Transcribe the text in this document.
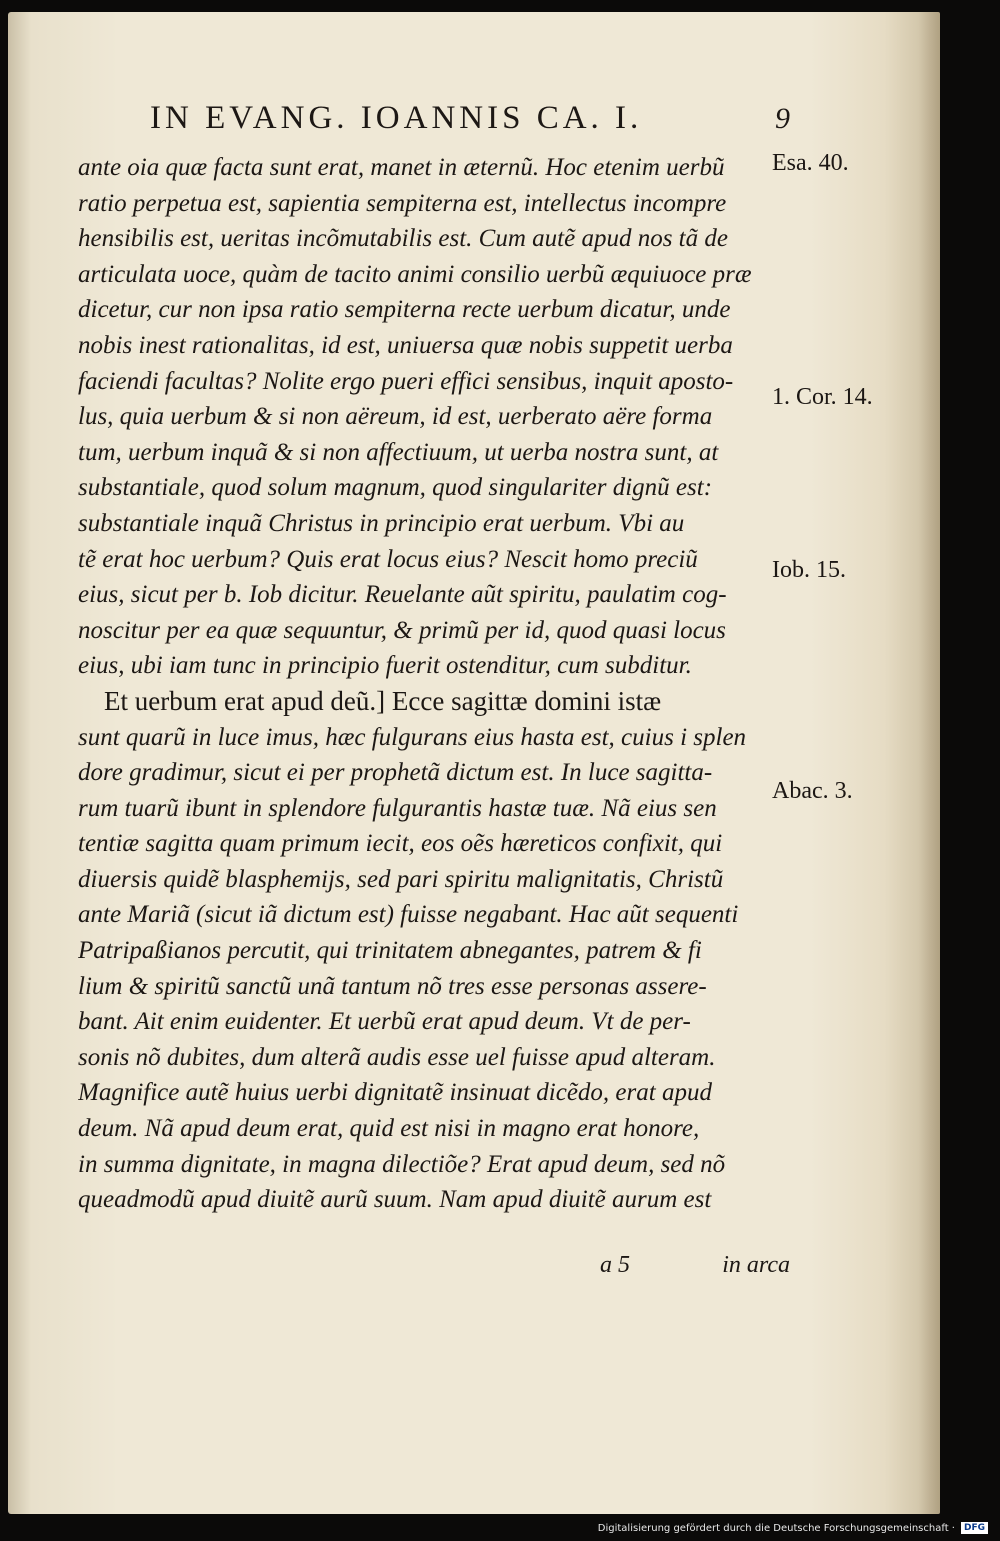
IN EVANG. IOANNIS CA. I.	9
ante oia quæ facta sunt erat, manet in æternũ. Hoc etenim uerbũ
ratio perpetua est, sapientia sempiterna est, intellectus incompre
hensibilis est, ueritas incõmutabilis est. Cum autẽ apud nos tã de
articulata uoce, quàm de tacito animi consilio uerbũ æquiuoce præ
dicetur, cur non ipsa ratio sempiterna recte uerbum dicatur, unde
nobis inest rationalitas, id est, uniuersa quæ nobis suppetit uerba
faciendi facultas? Nolite ergo pueri effici sensibus, inquit aposto-
lus, quia uerbum & si non aëreum, id est, uerberato aëre forma
tum, uerbum inquã & si non affectiuum, ut uerba nostra sunt, at
substantiale, quod solum magnum, quod singulariter dignũ est:
substantiale inquã Christus in principio erat uerbum. Vbi au
tẽ erat hoc uerbum? Quis erat locus eius? Nescit homo preciũ
eius, sicut per b. Iob dicitur. Reuelante aũt spiritu, paulatim cog-
noscitur per ea quæ sequuntur, & primũ per id, quod quasi locus
eius, ubi iam tunc in principio fuerit ostenditur, cum subditur.
Et uerbum erat apud deũ.] Ecce sagittæ domini istæ
sunt quarũ in luce imus, hæc fulgurans eius hasta est, cuius i splen
dore gradimur, sicut ei per prophetã dictum est. In luce sagitta-
rum tuarũ ibunt in splendore fulgurantis hastæ tuæ. Nã eius sen
tentiæ sagitta quam primum iecit, eos oẽs hæreticos confixit, qui
diuersis quidẽ blasphemijs, sed pari spiritu malignitatis, Christũ
ante Mariã (sicut iã dictum est) fuisse negabant. Hac aũt sequenti
Patripaßianos percutit, qui trinitatem abnegantes, patrem & fi
lium & spiritũ sanctũ unã tantum nõ tres esse personas assere-
bant. Ait enim euidenter. Et uerbũ erat apud deum. Vt de per-
sonis nõ dubites, dum alterã audis esse uel fuisse apud alteram.
Magnifice autẽ huius uerbi dignitatẽ insinuat dicẽdo, erat apud
deum. Nã apud deum erat, quid est nisi in magno erat honore,
in summa dignitate, in magna dilectiõe? Erat apud deum, sed nõ
queadmodũ apud diuitẽ aurũ suum. Nam apud diuitẽ aurum est
Esa. 40.
1. Cor. 14.
Iob. 15.
Abac. 3.
a 5	in arca
Digitalisierung gefördert durch die Deutsche Forschungsgemeinschaft ·	DFG
